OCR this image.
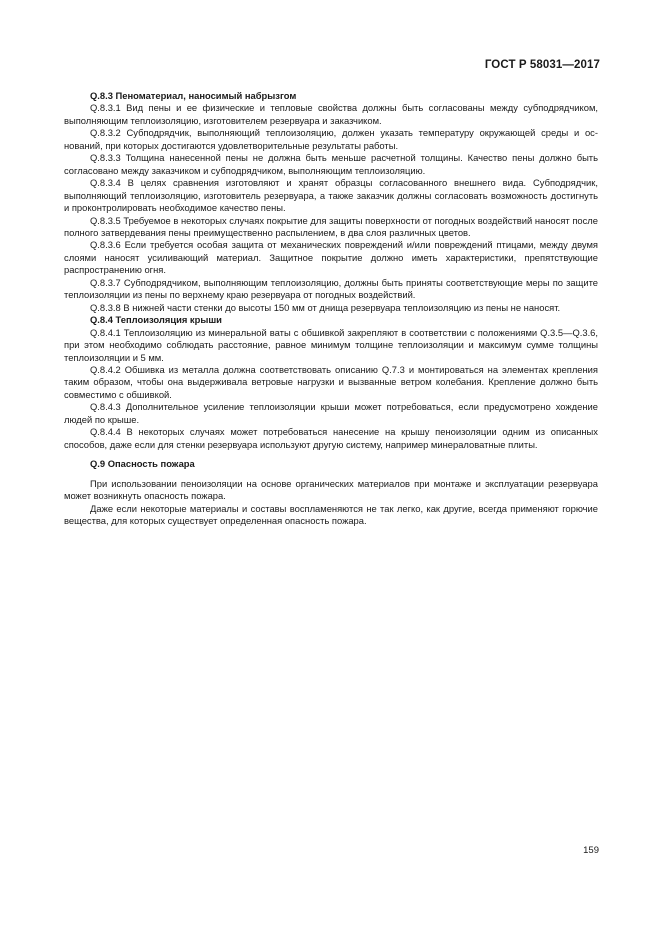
ГОСТ Р 58031—2017

Q.8.3 Пеноматериал, наносимый набрызгом

Q.8.3.1 Вид пены и ее физические и тепловые свойства должны быть согласованы между субподрядчиком, выполняющим теплоизоляцию, изготовителем резервуара и заказчиком.

Q.8.3.2 Субподрядчик, выполняющий теплоизоляцию, должен указать температуру окружающей среды и оснований, при которых достигаются удовлетворительные результаты работы.

Q.8.3.3 Толщина нанесенной пены не должна быть меньше расчетной толщины. Качество пены должно быть согласовано между заказчиком и субподрядчиком, выполняющим теплоизоляцию.

Q.8.3.4 В целях сравнения изготовляют и хранят образцы согласованного внешнего вида. Субподрядчик, выполняющий теплоизоляцию, изготовитель резервуара, а также заказчик должны согласовать возможность достигнуть и проконтролировать необходимое качество пены.

Q.8.3.5 Требуемое в некоторых случаях покрытие для защиты поверхности от погодных воздействий наносят после полного затвердевания пены преимущественно распылением, в два слоя различных цветов.

Q.8.3.6 Если требуется особая защита от механических повреждений и/или повреждений птицами, между двумя слоями наносят усиливающий материал. Защитное покрытие должно иметь характеристики, препятствующие распространению огня.

Q.8.3.7 Субподрядчиком, выполняющим теплоизоляцию, должны быть приняты соответствующие меры по защите теплоизоляции из пены по верхнему краю резервуара от погодных воздействий.

Q.8.3.8 В нижней части стенки до высоты 150 мм от днища резервуара теплоизоляцию из пены не наносят.

Q.8.4 Теплоизоляция крыши

Q.8.4.1 Теплоизоляцию из минеральной ваты с обшивкой закрепляют в соответствии с положениями Q.3.5—Q.3.6, при этом необходимо соблюдать расстояние, равное минимум толщине теплоизоляции и максимум сумме толщины теплоизоляции и 5 мм.

Q.8.4.2 Обшивка из металла должна соответствовать описанию Q.7.3 и монтироваться на элементах крепления таким образом, чтобы она выдерживала ветровые нагрузки и вызванные ветром колебания. Крепление должно быть совместимо с обшивкой.

Q.8.4.3 Дополнительное усиление теплоизоляции крыши может потребоваться, если предусмотрено хождение людей по крыше.

Q.8.4.4 В некоторых случаях может потребоваться нанесение на крышу пеноизоляции одним из описанных способов, даже если для стенки резервуара используют другую систему, например минераловатные плиты.

Q.9 Опасность пожара

При использовании пеноизоляции на основе органических материалов при монтаже и эксплуатации резервуара может возникнуть опасность пожара.

Даже если некоторые материалы и составы воспламеняются не так легко, как другие, всегда применяют горючие вещества, для которых существует определенная опасность пожара.

159
